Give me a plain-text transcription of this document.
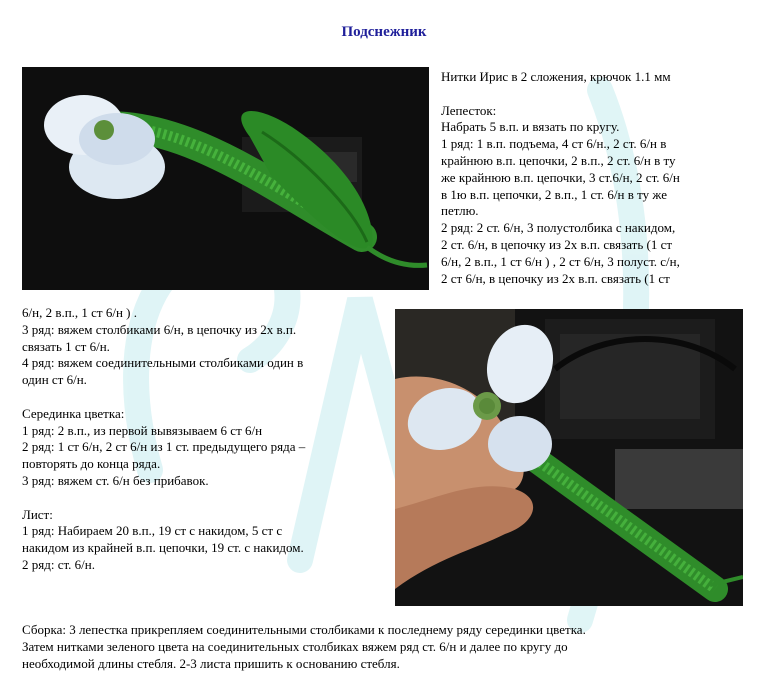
Подснежник

Нитки Ирис в 2 сложения, крючок 1.1 мм

Лепесток:

Набрать 5 в.п. и вязать по кругу.

1 ряд: 1 в.п. подъема, 4 ст 6/н., 2 ст. 6/н в

крайнюю в.п. цепочки, 2 в.п., 2 ст. 6/н в ту

же крайнюю в.п. цепочки, 3 ст.6/н, 2 ст. 6/н

в 1ю в.п. цепочки, 2 в.п., 1 ст. 6/н в ту же

петлю.

2 ряд: 2 ст. 6/н, 3 полустолбика с накидом,

2 ст. 6/н, в цепочку из 2х в.п. связать (1 ст

6/н, 2 в.п., 1 ст 6/н ) , 2 ст 6/н, 3 полуст. с/н,

2 ст 6/н, в цепочку из 2х в.п. связать (1 ст

6/н, 2 в.п., 1 ст 6/н ) .

3 ряд: вяжем столбиками 6/н, в цепочку из 2х в.п.

связать 1 ст 6/н.

4 ряд: вяжем соединительными столбиками один в

один ст 6/н.

Серединка цветка:

1 ряд: 2 в.п., из первой вывязываем 6 ст 6/н

2 ряд: 1 ст 6/н, 2 ст 6/н из 1 ст. предыдущего ряда –

повторять до конца ряда.

3 ряд: вяжем ст. 6/н без прибавок.

Лист:

1 ряд: Набираем 20 в.п., 19 ст с накидом, 5 ст с

накидом из крайней в.п. цепочки, 19 ст. с накидом.

2 ряд: ст. 6/н.

Сборка: 3 лепестка прикрепляем соединительными столбиками к последнему ряду серединки цветка.

Затем нитками зеленого цвета на соединительных столбиках вяжем ряд ст. 6/н и далее по кругу до

необходимой длины стебля. 2-3 листа пришить к основанию стебля.
